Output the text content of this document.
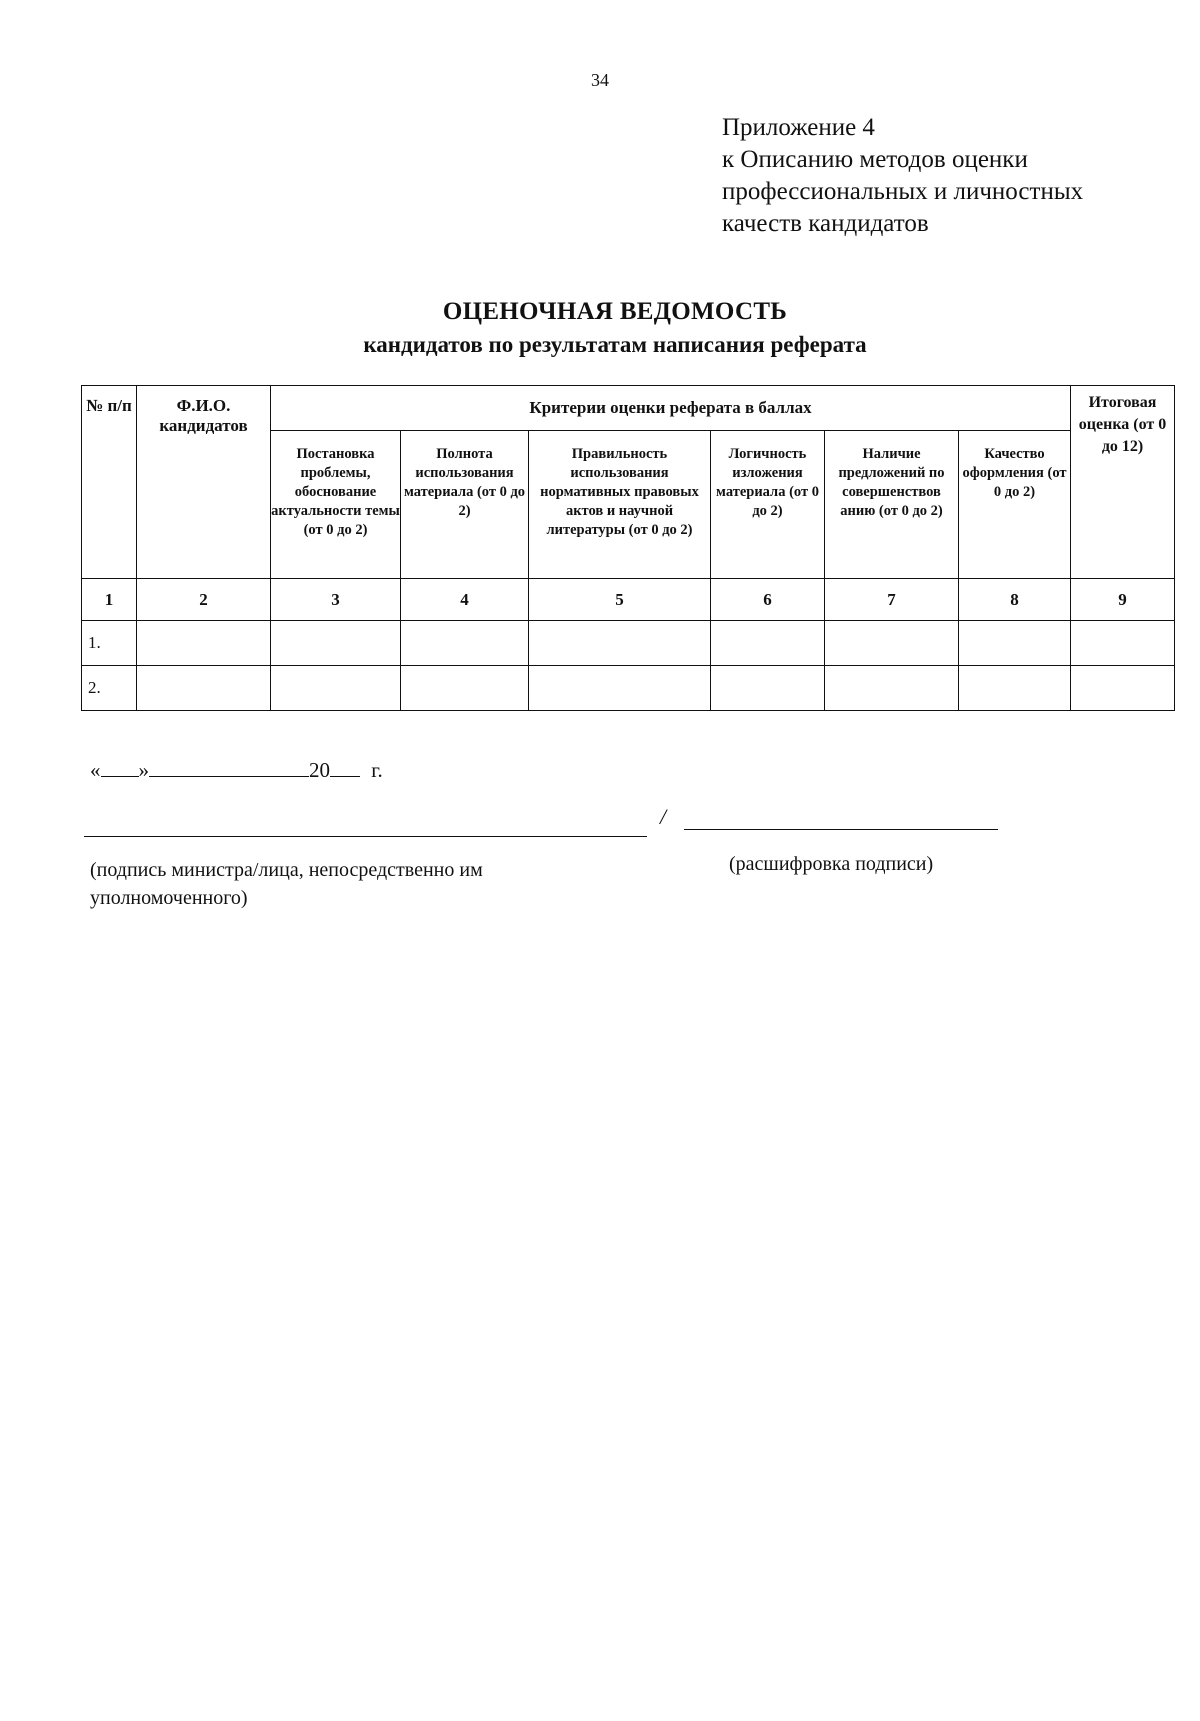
34
Приложение 4
к Описанию методов оценки
профессиональных и личностных
качеств кандидатов
ОЦЕНОЧНАЯ ВЕДОМОСТЬ
кандидатов по результатам написания реферата
№ п/п	Ф.И.О. кандидатов	Критерии оценки реферата в баллах						Итоговая оценка (от 0 до 12)
		Постановка проблемы, обоснование актуальности темы (от 0 до 2)	Полнота использования материала (от 0 до 2)	Правильность использования нормативных правовых актов и научной литературы (от 0 до 2)	Логичность изложения материала (от 0 до 2)	Наличие предложений по совершенствов анию (от 0 до 2)	Качество оформления (от 0 до 2)	
1	2	3	4	5	6	7	8	9
1.								
2.								
« »	20 г.
/
(подпись министра/лица, непосредственно им уполномоченного)
(расшифровка подписи)
